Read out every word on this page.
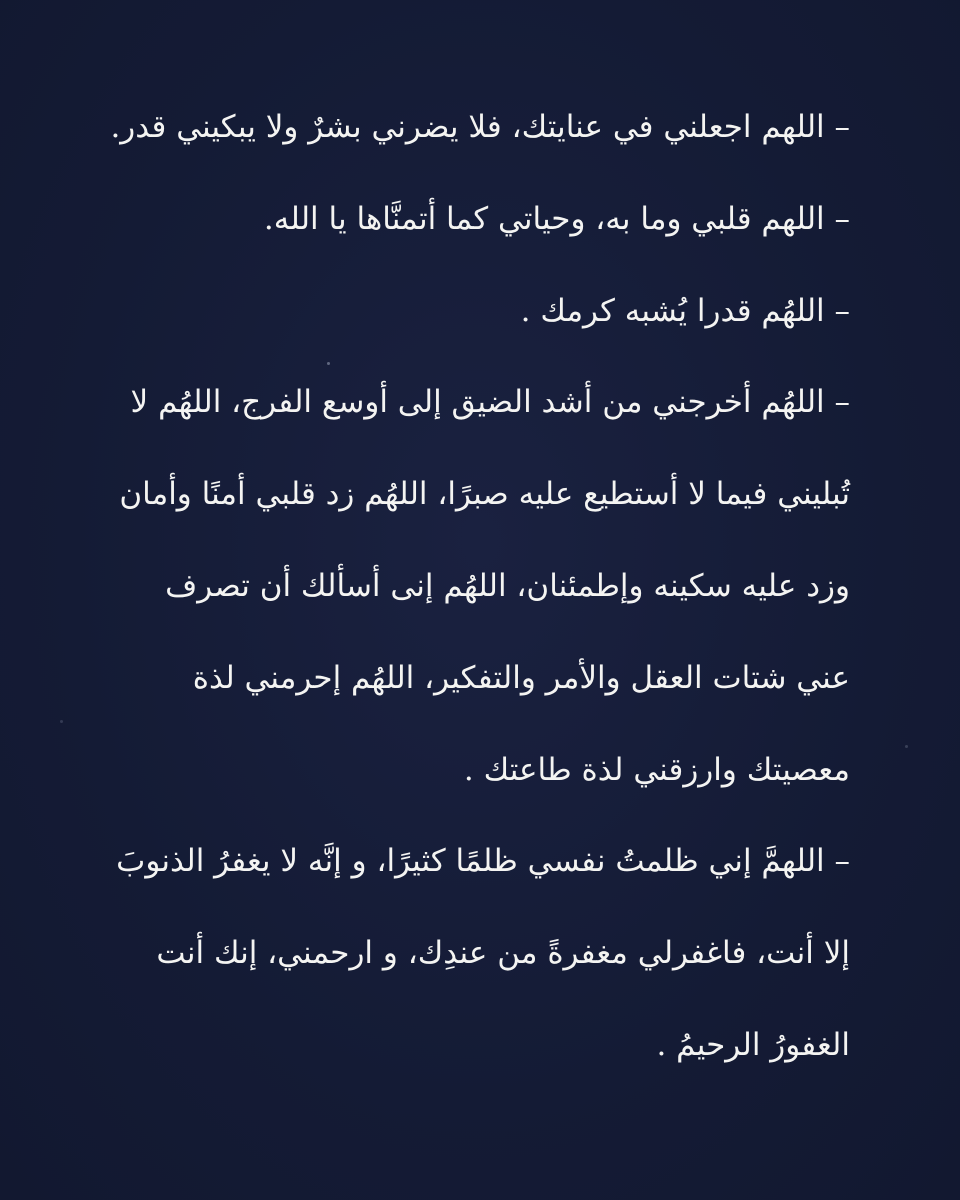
– اللهم اجعلني في عنايتك، فلا يضرني بشرٌ ولا يبكيني قدر.
– اللهم قلبي وما به، وحياتي كما أتمنَّاها يا الله.
– اللهُم قدرا يُشبه كرمك .
– اللهُم أخرجني من أشد الضيق إلى أوسع الفرج، اللهُم لا
تُبليني فيما لا أستطيع عليه صبرًا، اللهُم زد قلبي أمنًا وأمان
وزد عليه سكينه وإطمئنان، اللهُم إنى أسألك أن تصرف
عني شتات العقل والأمر والتفكير، اللهُم إحرمني لذة
معصيتك وارزقني لذة طاعتك .
– اللهمَّ إني ظلمتُ نفسي ظلمًا كثيرًا، و إنَّه لا يغفرُ الذنوبَ
إلا أنت، فاغفرلي مغفرةً من عندِك، و ارحمني، إنك أنت
الغفورُ الرحيمُ .
